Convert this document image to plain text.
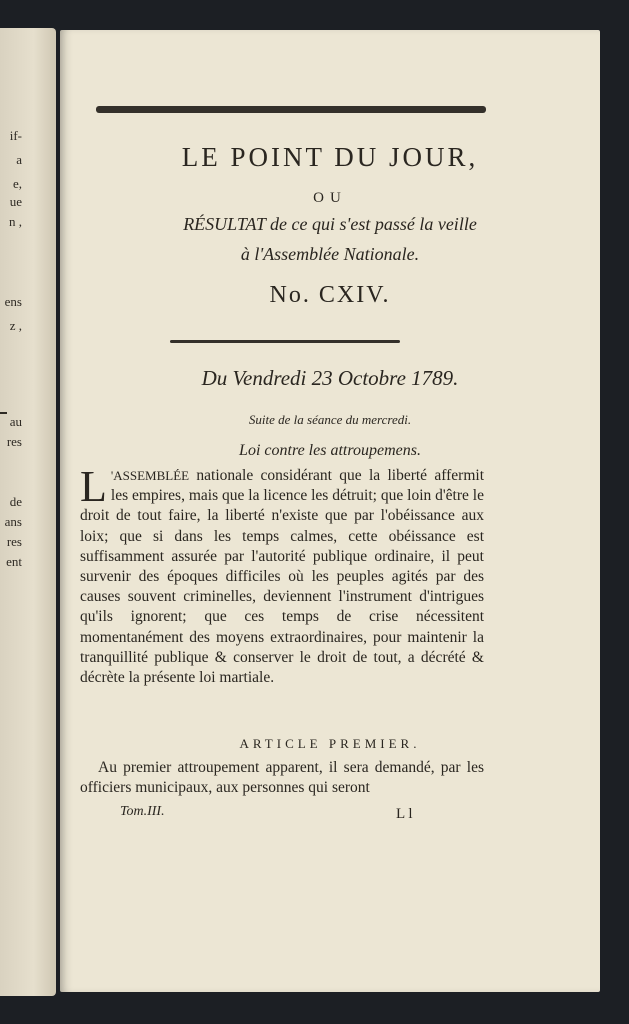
if-
a
e,
ue
n ,
ens
z ,
au
res
de
ans
res
ent
LE POINT DU JOUR,
OU
RÉSULTAT de ce qui s'est passé la veille
à l'Assemblée Nationale.
No. CXIV.
Du Vendredi 23 Octobre 1789.
Suite de la séance du mercredi.
Loi contre les attroupemens.
L 'ASSEMBLÉE nationale considérant que la liberté affermit les empires, mais que la licence les détruit; que loin d'être le droit de tout faire, la liberté n'existe que par l'obéissance aux loix; que si dans les temps calmes, cette obéissance est suffisamment assurée par l'autorité publique ordinaire, il peut survenir des époques difficiles où les peuples agités par des causes souvent criminelles, deviennent l'instrument d'intrigues qu'ils ignorent; que ces temps de crise nécessitent momentanément des moyens extraordinaires, pour maintenir la tranquillité publique & conserver le droit de tout, a décrété & décrète la présente loi martiale.
ARTICLE PREMIER.
Au premier attroupement apparent, il sera demandé, par les officiers municipaux, aux personnes qui seront
Tom.III.	L l
